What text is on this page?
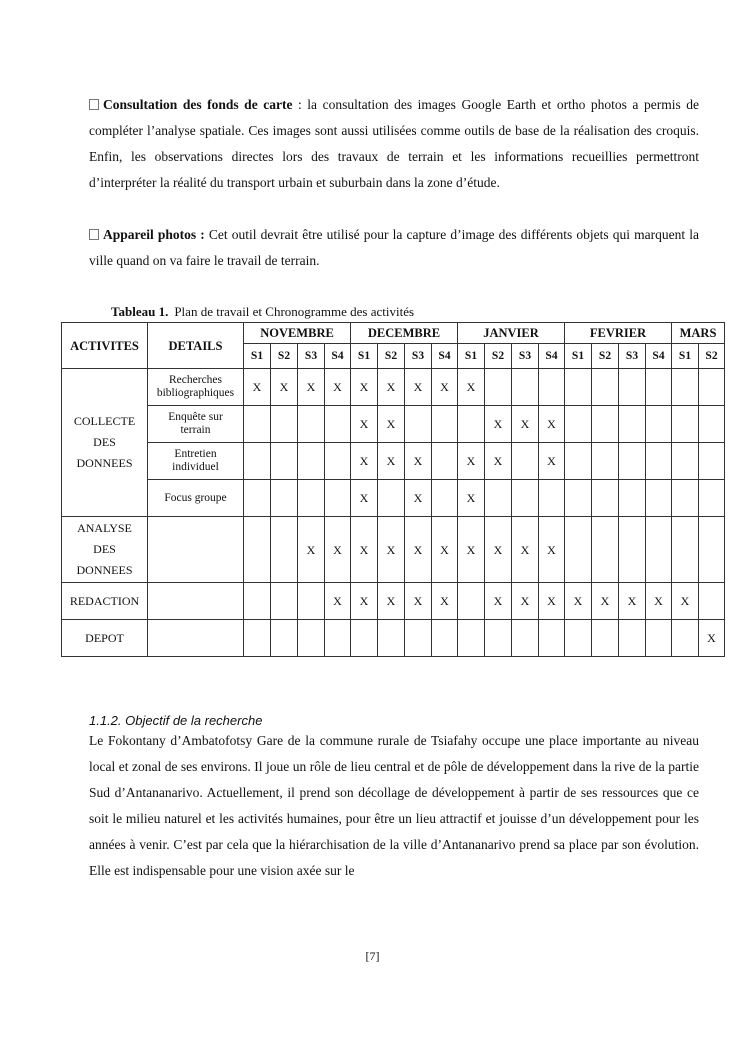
Consultation des fonds de carte : la consultation des images Google Earth et ortho photos a permis de compléter l’analyse spatiale. Ces images sont aussi utilisées comme outils de base de la réalisation des croquis. Enfin, les observations directes lors des travaux de terrain et les informations recueillies permettront d’interpréter la réalité du transport urbain et suburbain dans la zone d’étude.

Appareil photos : Cet outil devrait être utilisé pour la capture d’image des différents objets qui marquent la ville quand on va faire le travail de terrain.

Tableau 1. Plan de travail et Chronogramme des activités
ACTIVITES	DETAILS	NOVEMBRE				DECEMBRE				JANVIER				FEVRIER				MARS	
		S1	S2	S3	S4	S1	S2	S3	S4	S1	S2	S3	S4	S1	S2	S3	S4	S1	S2
COLLECTE
DES
DONNEES	Recherches
bibliographiques	X	X	X	X	X	X	X	X	X									
	Enquête sur
terrain					X	X				X	X	X						
	Entretien
individuel					X	X	X		X	X		X						
	Focus groupe					X		X		X									
ANALYSE
DES
DONNEES				X	X	X	X	X	X	X	X	X	X						
REDACTION					X	X	X	X	X		X	X	X	X	X	X	X	X	
DEPOT																			X
1.1.2. Objectif de la recherche

Le Fokontany d’Ambatofotsy Gare de la commune rurale de Tsiafahy occupe une place importante au niveau local et zonal de ses environs. Il joue un rôle de lieu central et de pôle de développement dans la rive de la partie Sud d’Antananarivo. Actuellement, il prend son décollage de développement à partir de ses ressources que ce soit le milieu naturel et les activités humaines, pour être un lieu attractif et jouisse d’un développement pour les années à venir. C’est par cela que la hiérarchisation de la ville d’Antananarivo prend sa place par son évolution. Elle est indispensable pour une vision axée sur le

[7]
